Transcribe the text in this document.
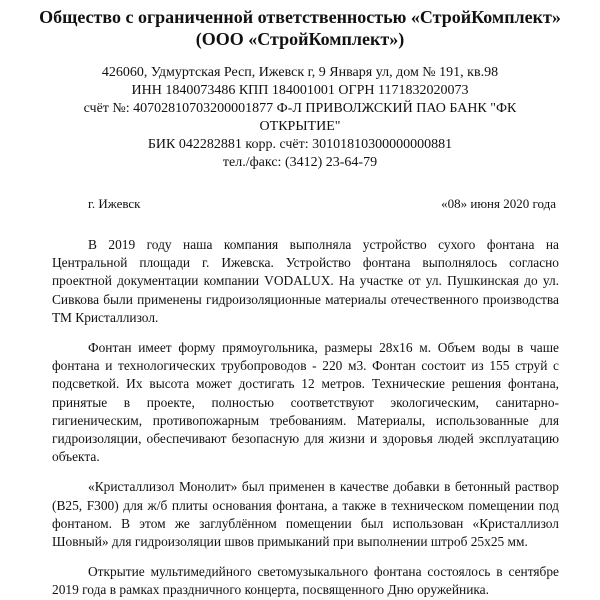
Общество с ограниченной ответственностью «СтройКомплект»
(ООО «СтройКомплект»)
426060, Удмуртская Респ, Ижевск г, 9 Января ул, дом № 191, кв.98
ИНН 1840073486 КПП 184001001 ОГРН 1171832020073
счёт №: 40702810703200001877 Ф-Л ПРИВОЛЖСКИЙ ПАО БАНК "ФК
ОТКРЫТИЕ"
БИК 042282881 корр. счёт: 30101810300000000881
тел./факс: (3412) 23-64-79
г. Ижевск	«08» июня 2020 года

В 2019 году наша компания выполняла устройство сухого фонтана на Центральной площади г. Ижевска. Устройство фонтана выполнялось согласно проектной документации компании VODALUX. На участке от ул. Пушкинская до ул. Сивкова были применены гидроизоляционные материалы отечественного производства ТМ Кристаллизол.

Фонтан имеет форму прямоугольника, размеры 28х16 м. Объем воды в чаше фонтана и технологических трубопроводов - 220 м3. Фонтан состоит из 155 струй с подсветкой. Их высота может достигать 12 метров. Технические решения фонтана, принятые в проекте, полностью соответствуют экологическим, санитарно-гигиеническим, противопожарным требованиям. Материалы, использованные для гидроизоляции, обеспечивают безопасную для жизни и здоровья людей эксплуатацию объекта.

«Кристаллизол Монолит» был применен в качестве добавки в бетонный раствор (B25, F300) для ж/б плиты основания фонтана, а также в техническом помещении под фонтаном. В этом же заглублённом помещении был использован «Кристаллизол Шовный» для гидроизоляции швов примыканий при выполнении штроб 25х25 мм.

Открытие мультимедийного светомузыкального фонтана состоялось в сентябре 2019 года в рамках праздничного концерта, посвященного Дню оружейника.
